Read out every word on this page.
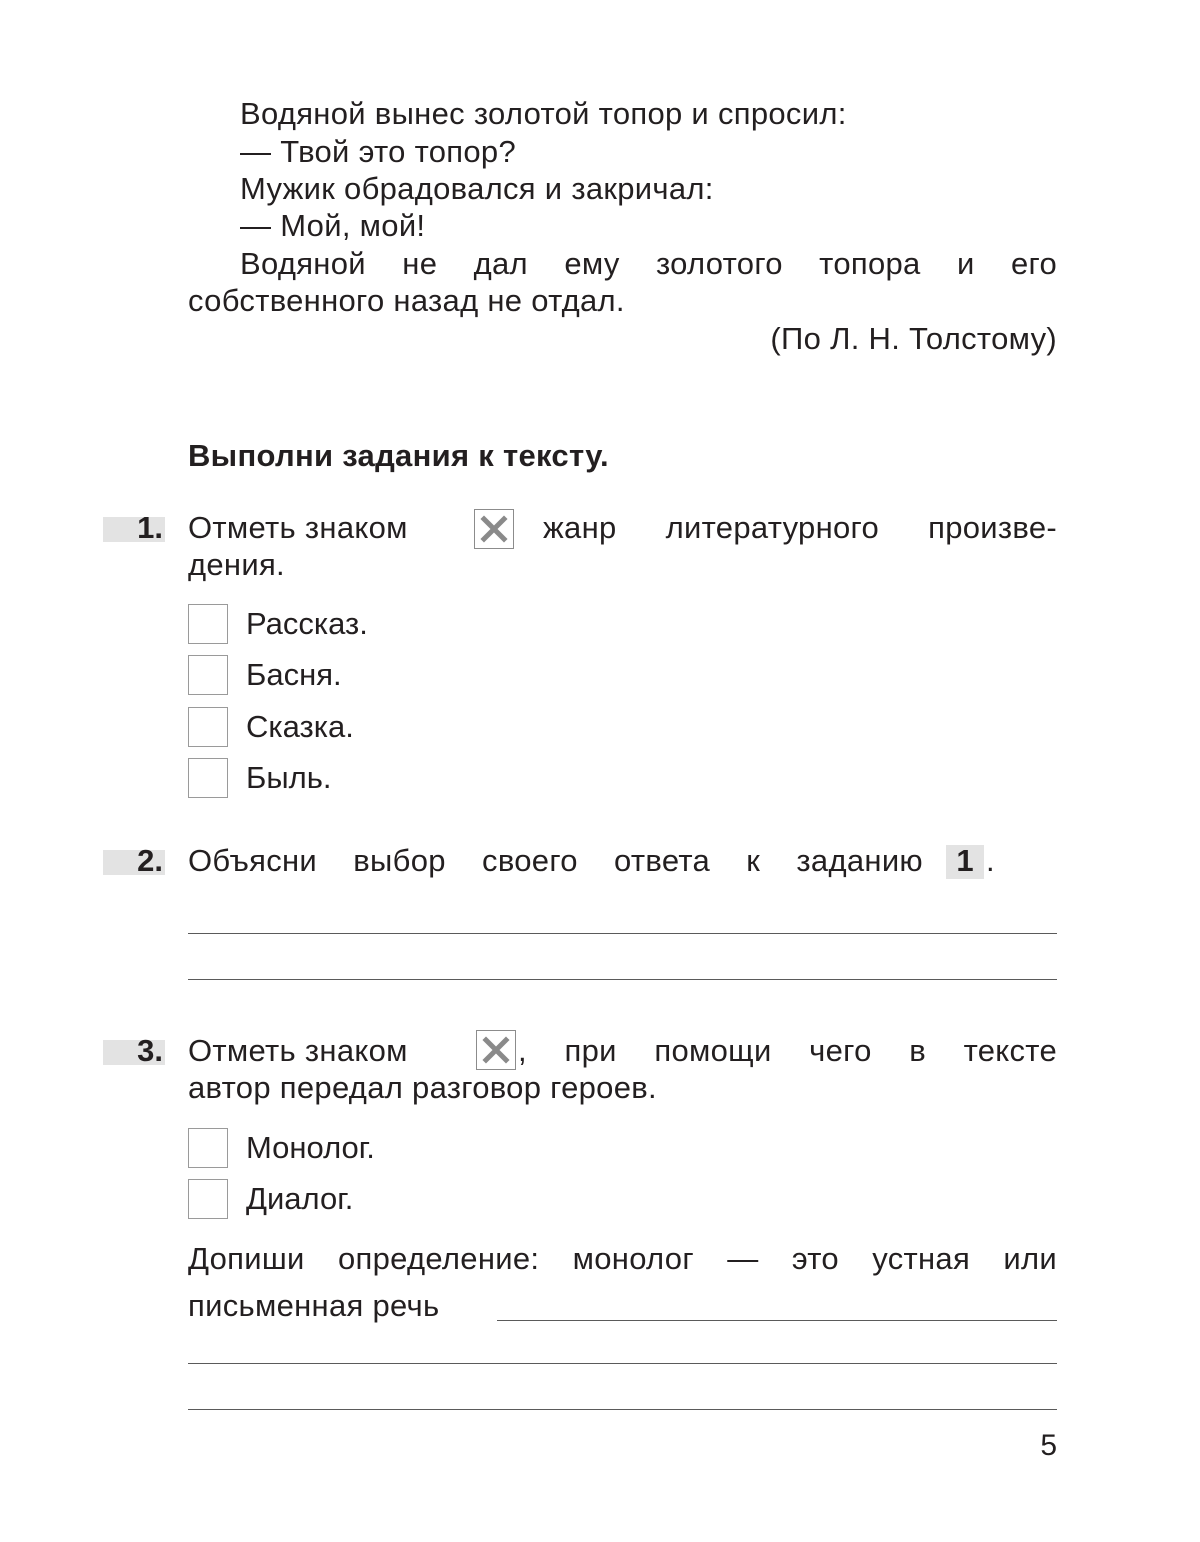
Водяной вынес золотой топор и спросил:
— Твой это топор?
Мужик обрадовался и закричал:
— Мой, мой!
Водяной не дал ему золотого топора и его
собственного назад не отдал.
(По Л. Н. Толстому)
Выполни задания к тексту.
1. Отметь знаком	жанр литературного произве-
дения.
Рассказ.
Басня.
Сказка.
Быль.
2. Объясни выбор своего ответа к заданию	1 .
3. Отметь знаком	, при помощи чего в тексте
автор передал разговор героев.
Монолог.
Диалог.
Допиши определение: монолог — это устная или
письменная речь
5
